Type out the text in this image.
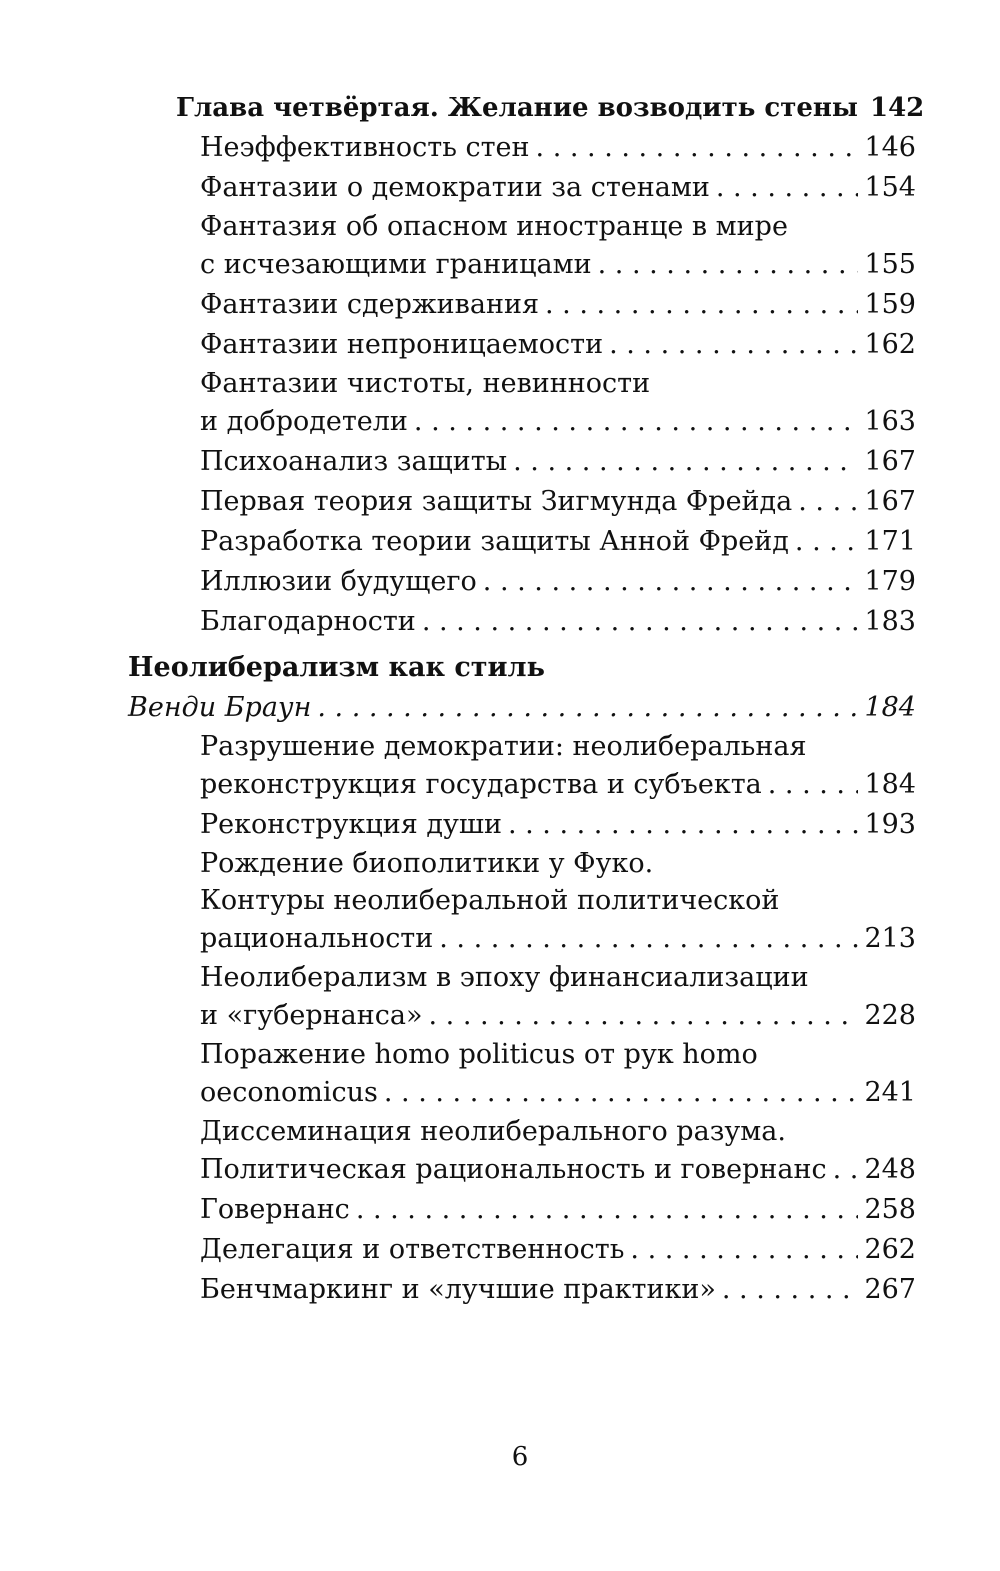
Глава четвёртая. Желание возводить стены 142
Неэффективность стен . . .	146
Фантазии о демократии за стенами . . .	154
Фантазия об опасном иностранце в мире
с исчезающими границами . . .	155
Фантазии сдерживания . . .	159
Фантазии непроницаемости . . .	162
Фантазии чистоты, невинности
и добродетели . . .	163
Психоанализ защиты . . .	167
Первая теория защиты Зигмунда Фрейда . . .	167
Разработка теории защиты Анной Фрейд . . .	171
Иллюзии будущего . . .	179
Благодарности . . .	183
Неолиберализм как стиль
Венди Браун . . .	184
Разрушение демократии: неолиберальная
реконструкция государства и субъекта . . .	184
Реконструкция души . . .	193
Рождение биополитики у Фуко.
Контуры неолиберальной политической
рациональности . . .	213
Неолиберализм в эпоху финансиализации
и «губернанса» . . .	228
Поражение homo politicus от рук homo
oeconomicus . . .	241
Диссеминация неолиберального разума.
Политическая рациональность и говернанс . . . 248
Говернанс . . .	258
Делегация и ответственность . . .	262
Бенчмаркинг и «лучшие практики» . . .	267
6
